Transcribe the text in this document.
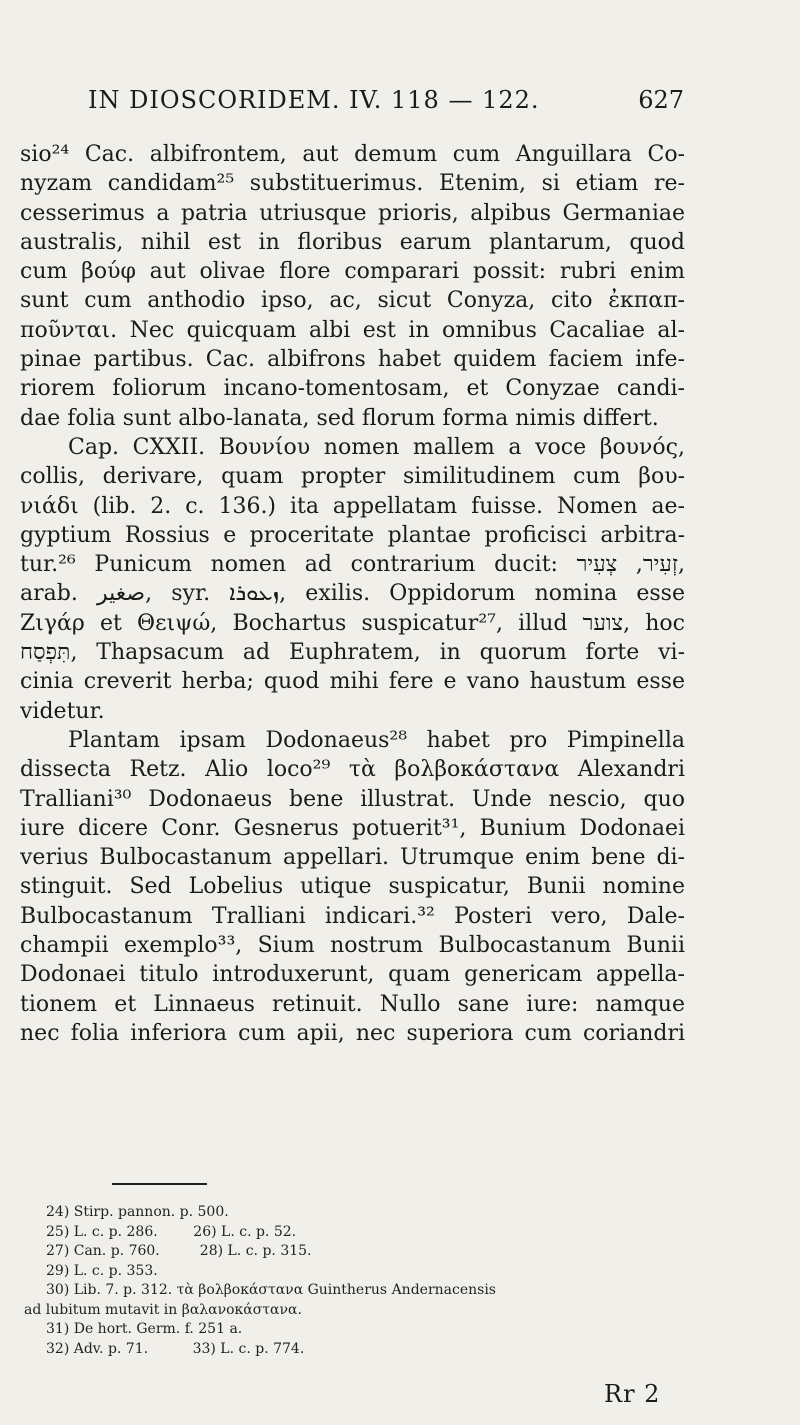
IN DIOSCORIDEM. IV. 118 — 122.	627
sio²⁴ Cac. albifrontem, aut demum cum Anguillara Co-
nyzam candidam²⁵ substituerimus. Etenim, si etiam re-
cesserimus a patria utriusque prioris, alpibus Germaniae
australis, nihil est in floribus earum plantarum, quod
cum βούφ aut olivae flore comparari possit: rubri enim
sunt cum anthodio ipso, ac, sicut Conyza, cito ἐκπαπ-
ποῦνται. Nec quicquam albi est in omnibus Cacaliae al-
pinae partibus. Cac. albifrons habet quidem faciem infe-
riorem foliorum incano-tomentosam, et Conyzae candi-
dae folia sunt albo-lanata, sed florum forma nimis differt.
Cap. CXXII. Βουνίου nomen mallem a voce βουνός,
collis, derivare, quam propter similitudinem cum βου-
νιάδι (lib. 2. c. 136.) ita appellatam fuisse. Nomen ae-
gyptium Rossius e proceritate plantae proficisci arbitra-
tur.²⁶ Punicum nomen ad contrarium ducit: זְעִיר, צְעִיר,
arab. صغير, syr. ܙܥܘܪܐ, exilis. Oppidorum nomina esse
Ζιγάρ et Θειψώ, Bochartus suspicatur²⁷, illud צוער, hoc
תִּפְסַח, Thapsacum ad Euphratem, in quorum forte vi-
cinia creverit herba; quod mihi fere e vano haustum esse
videtur.
Plantam ipsam Dodonaeus²⁸ habet pro Pimpinella
dissecta Retz. Alio loco²⁹ τὰ βολβοκάστανα Alexandri
Tralliani³⁰ Dodonaeus bene illustrat. Unde nescio, quo
iure dicere Conr. Gesnerus potuerit³¹, Bunium Dodonaei
verius Bulbocastanum appellari. Utrumque enim bene di-
stinguit. Sed Lobelius utique suspicatur, Bunii nomine
Bulbocastanum Tralliani indicari.³² Posteri vero, Dale-
champii exemplo³³, Sium nostrum Bulbocastanum Bunii
Dodonaei titulo introduxerunt, quam genericam appella-
tionem et Linnaeus retinuit. Nullo sane iure: namque
nec folia inferiora cum apii, nec superiora cum coriandri
24) Stirp. pannon. p. 500.
25) L. c. p. 286.        26) L. c. p. 52.
27) Can. p. 760.         28) L. c. p. 315.
29) L. c. p. 353.
30) Lib. 7. p. 312. τὰ βολβοκάστανα Guintherus Andernacensis
ad lubitum mutavit in βαλανοκάστανα.
31) De hort. Germ. f. 251 a.
32) Adv. p. 71.          33) L. c. p. 774.
Rr 2
